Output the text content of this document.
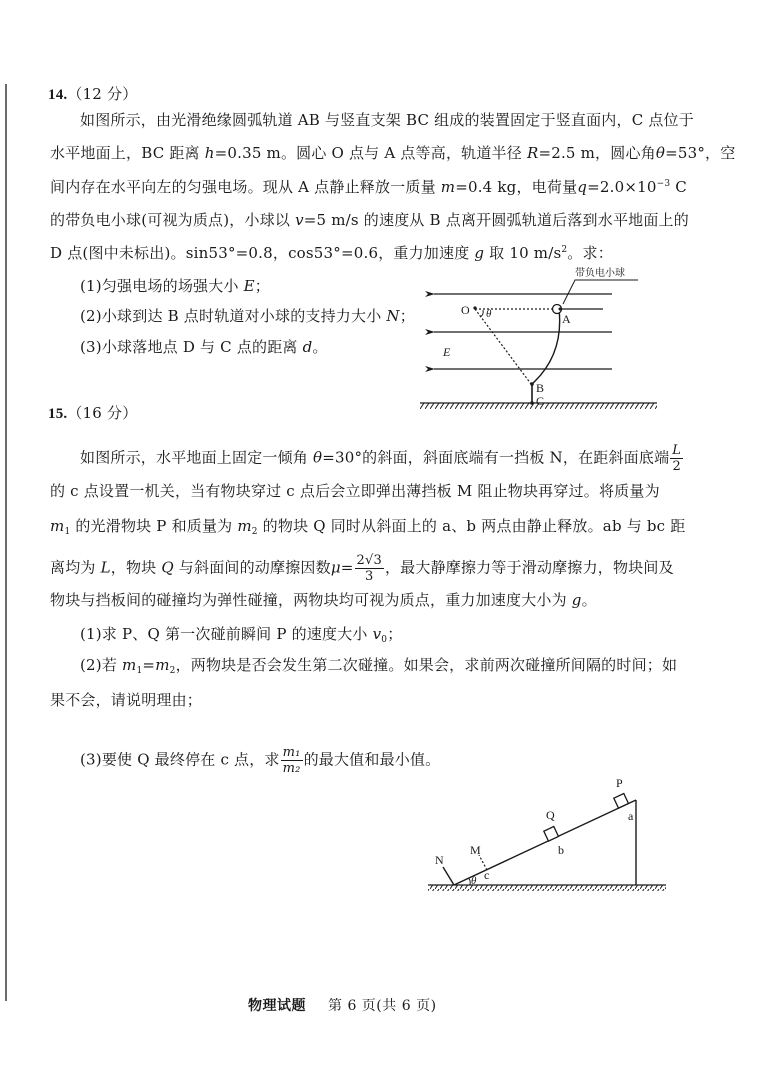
14.（12 分）
如图所示，由光滑绝缘圆弧轨道 AB 与竖直支架 BC 组成的装置固定于竖直面内，C 点位于
水平地面上，BC 距离 h=0.35 m。圆心 O 点与 A 点等高，轨道半径 R=2.5 m，圆心角θ=53°，空
间内存在水平向左的匀强电场。现从 A 点静止释放一质量 m=0.4 kg，电荷量$q=2.0\times 10^{-3}$ C
的带负电小球(可视为质点)，小球以 v=5 m/s 的速度从 B 点离开圆弧轨道后落到水平地面上的
D 点(图中未标出)。sin53°=0.8，cos53°=0.6，重力加速度 g 取 10 $m/s^2$。求：
(1)匀强电场的场强大小 E；
(2)小球到达 B 点时轨道对小球的支持力大小 N；
(3)小球落地点 D 与 C 点的距离 d。
带负电小球
O θ	A
E
B
C
15.（16 分）
如图所示，水平地面上固定一倾角 θ=30°的斜面，斜面底端有一挡板 N，在距斜面底端 $\frac{L}{2}$
的 c 点设置一机关，当有物块穿过 c 点后会立即弹出薄挡板 M 阻止物块再穿过。将质量为
$m_1$ 的光滑物块 P 和质量为 $m_2$ 的物块 Q 同时从斜面上的 a、b 两点由静止释放。ab 与 bc 距
离均为 L，物块 Q 与斜面间的动摩擦因数$\mu= \frac{2√3}{3}$ ，最大静摩擦力等于滑动摩擦力，物块间及
物块与挡板间的碰撞均为弹性碰撞，两物块均可视为质点，重力加速度大小为 g。
(1)求 P、Q 第一次碰前瞬间 P 的速度大小 $v_0$；
(2)若 $m_1=m_2$，两物块是否会发生第二次碰撞。如果会，求前两次碰撞所间隔的时间；如
果不会，请说明理由；
(3)要使 Q 最终停在 c 点，求 $\frac{\text{m₁}}{\text{m₂}}$ 的最大值和最小值。
P
a
Q
b
M
N
θ c
物理试题 第 6 页(共 6 页)
